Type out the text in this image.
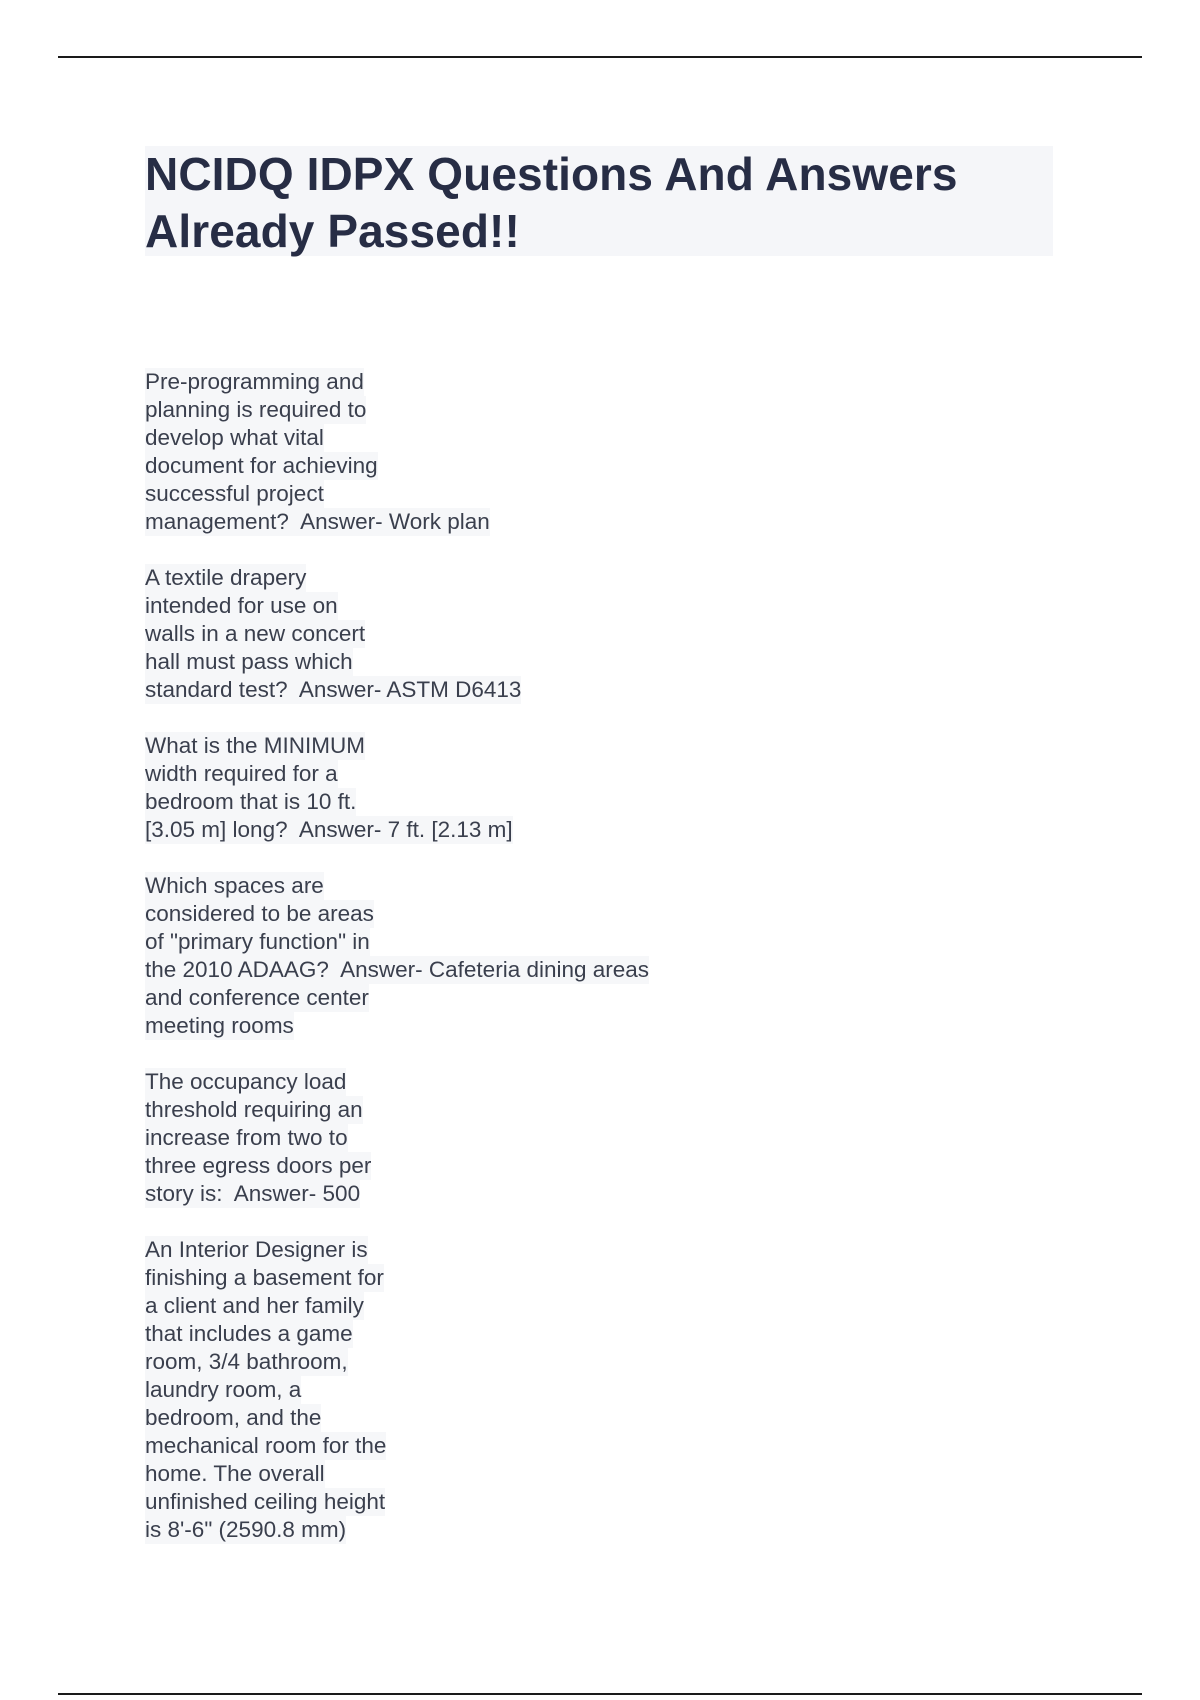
NCIDQ IDPX Questions And Answers
Already Passed!!
Pre-programming and
planning is required to
develop what vital
document for achieving
successful project
management?  Answer- Work plan
A textile drapery
intended for use on
walls in a new concert
hall must pass which
standard test?  Answer- ASTM D6413
What is the MINIMUM
width required for a
bedroom that is 10 ft.
[3.05 m] long?  Answer- 7 ft. [2.13 m]
Which spaces are
considered to be areas
of "primary function" in
the 2010 ADAAG?  Answer- Cafeteria dining areas
and conference center
meeting rooms
The occupancy load
threshold requiring an
increase from two to
three egress doors per
story is:  Answer- 500
An Interior Designer is
finishing a basement for
a client and her family
that includes a game
room, 3/4 bathroom,
laundry room, a
bedroom, and the
mechanical room for the
home. The overall
unfinished ceiling height
is 8'-6" (2590.8 mm)
